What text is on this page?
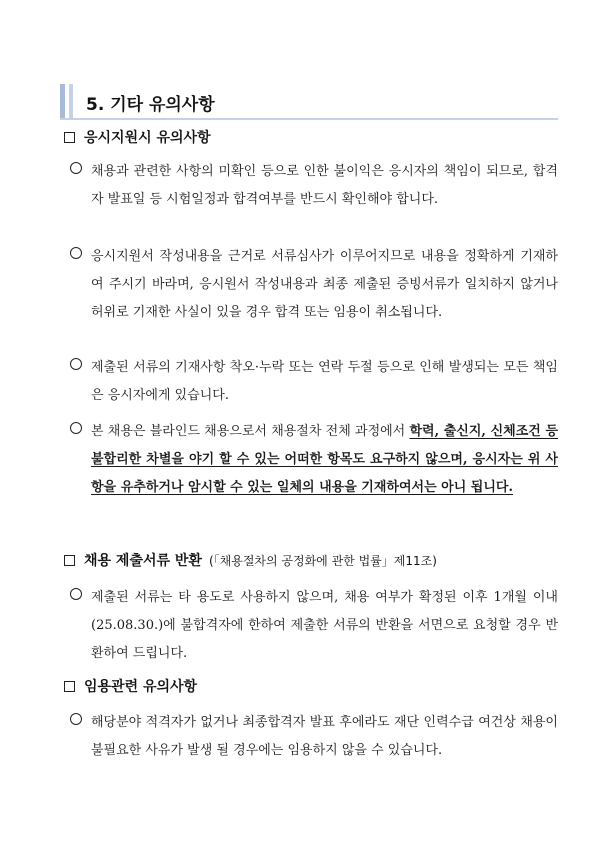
5. 기타 유의사항
응시지원시 유의사항
채용과 관련한 사항의 미확인 등으로 인한 불이익은 응시자의 책임이 되므로, 합격자 발표일 등 시험일정과 합격여부를 반드시 확인해야 합니다.
응시지원서 작성내용을 근거로 서류심사가 이루어지므로 내용을 정확하게 기재하여 주시기 바라며, 응시원서 작성내용과 최종 제출된 증빙서류가 일치하지 않거나 허위로 기재한 사실이 있을 경우 합격 또는 임용이 취소됩니다.
제출된 서류의 기재사항 착오·누락 또는 연락 두절 등으로 인해 발생되는 모든 책임은 응시자에게 있습니다.
본 채용은 블라인드 채용으로서 채용절차 전체 과정에서 학력, 출신지, 신체조건 등 불합리한 차별을 야기 할 수 있는 어떠한 항목도 요구하지 않으며, 응시자는 위 사항을 유추하거나 암시할 수 있는 일체의 내용을 기재하여서는 아니 됩니다.
채용 제출서류 반환 (「채용절차의 공정화에 관한 법률」제11조)
제출된 서류는 타 용도로 사용하지 않으며, 채용 여부가 확정된 이후 1개월 이내(25.08.30.)에 불합격자에 한하여 제출한 서류의 반환을 서면으로 요청할 경우 반환하여 드립니다.
임용관련 유의사항
해당분야 적격자가 없거나 최종합격자 발표 후에라도 재단 인력수급 여건상 채용이 불필요한 사유가 발생 될 경우에는 임용하지 않을 수 있습니다.
